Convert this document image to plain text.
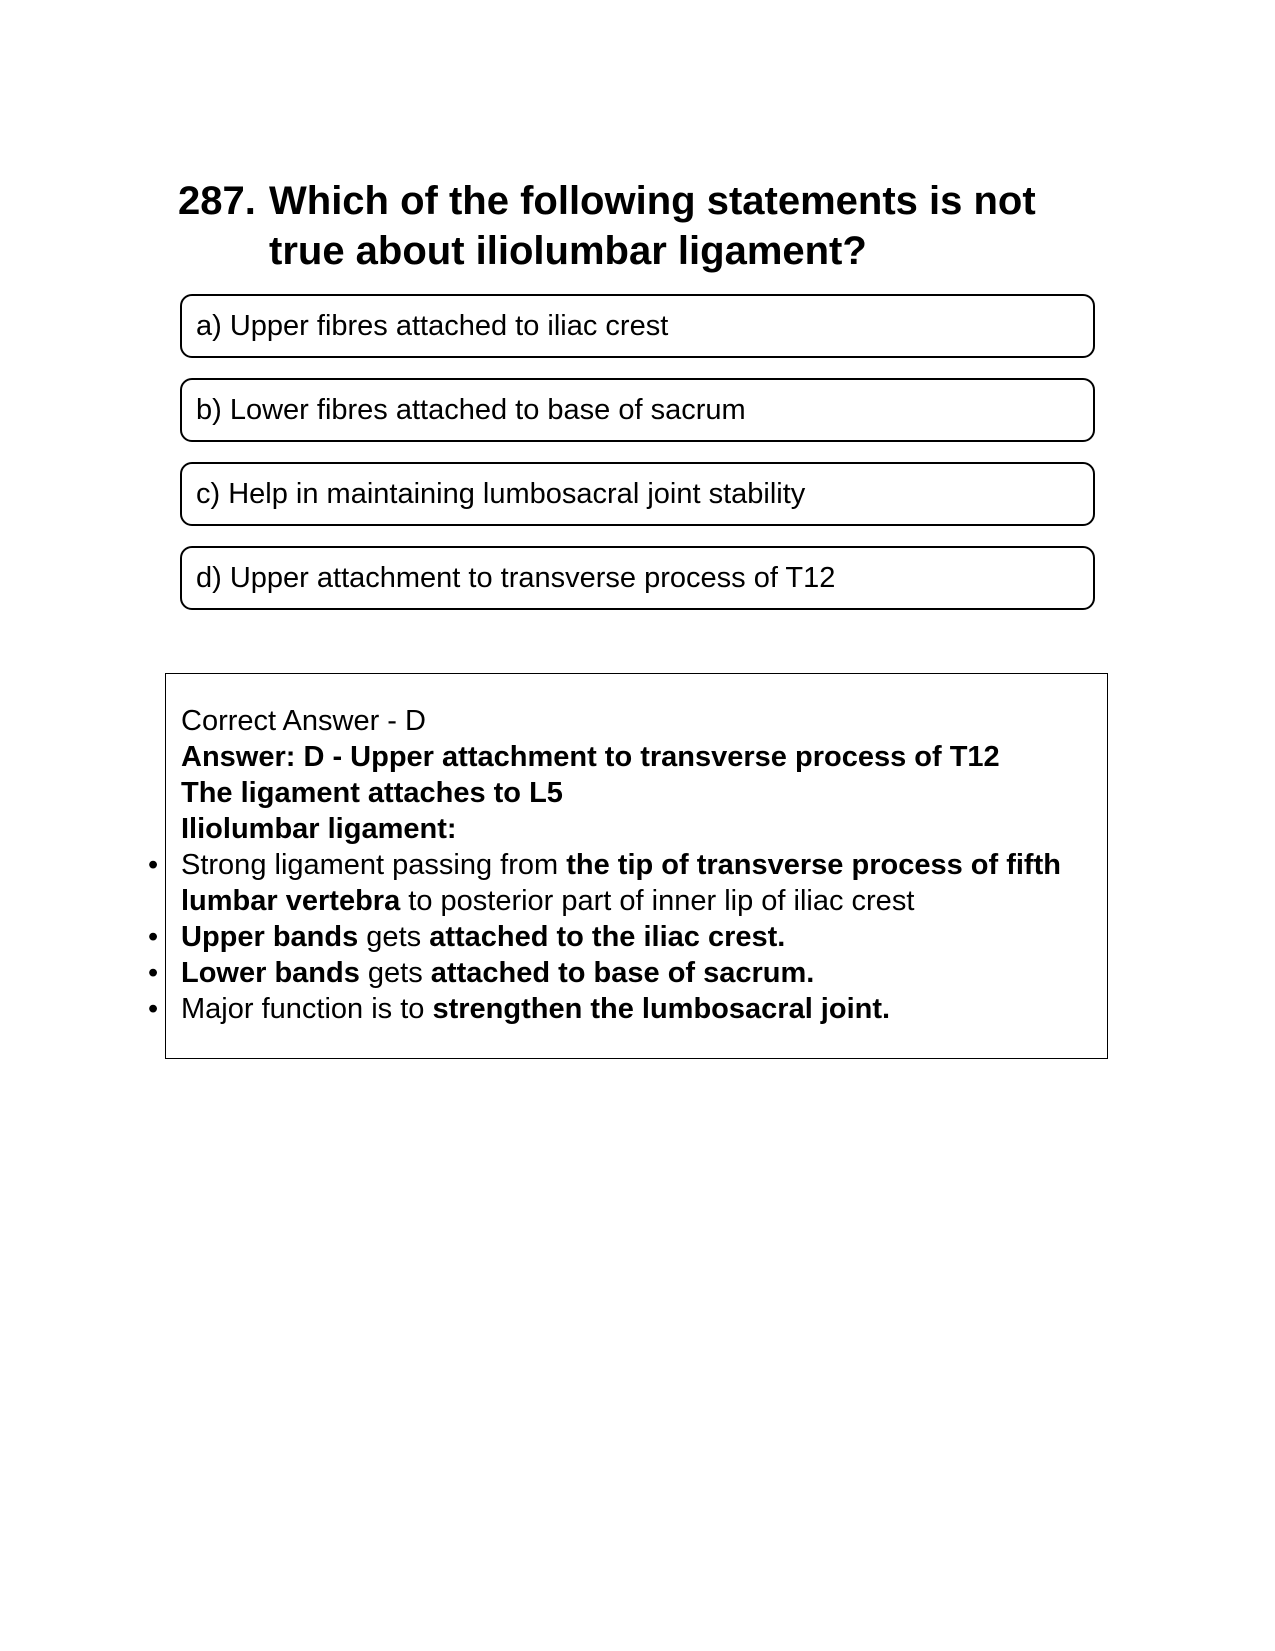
287. Which of the following statements is not true about iliolumbar ligament?
a) Upper fibres attached to iliac crest
b) Lower fibres attached to base of sacrum
c) Help in maintaining lumbosacral joint stability
d) Upper attachment to transverse process of T12
Correct Answer - D
Answer: D - Upper attachment to transverse process of T12
The ligament attaches to L5
Iliolumbar ligament:
• Strong ligament passing from the tip of transverse process of fifth
lumbar vertebra to posterior part of inner lip of iliac crest
• Upper bands gets attached to the iliac crest.
• Lower bands gets attached to base of sacrum.
• Major function is to strengthen the lumbosacral joint.
